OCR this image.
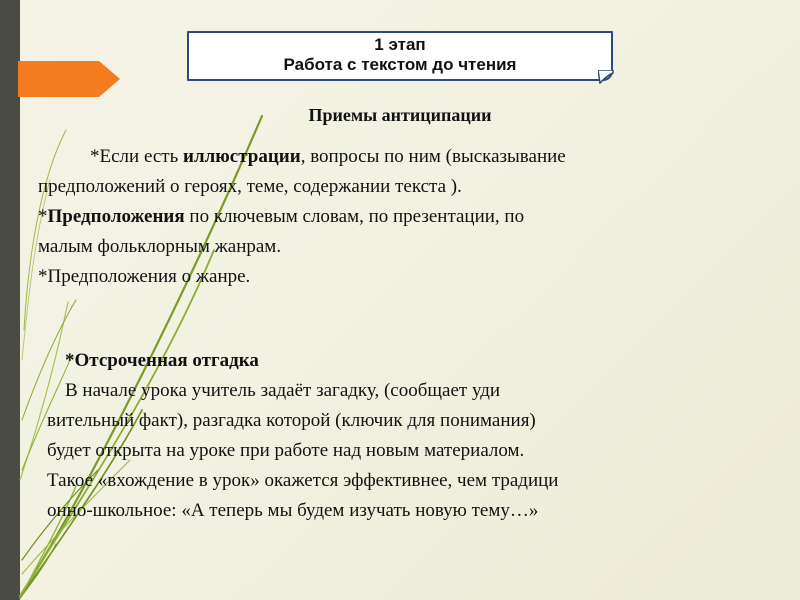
1 этап
Работа с текстом до чтения
Приемы антиципации

*Если есть иллюстрации, вопросы по ним (высказывание

предположений о героях, теме, содержании текста ).

*Предположения по ключевым словам, по презентации, по

малым фольклорным жанрам.

*Предположения о жанре.

*Отсроченная отгадка

В начале урока учитель задаёт загадку, (сообщает уди

вительный факт), разгадка которой (ключик для понимания)

будет открыта на уроке при работе над новым материалом.

Такое «вхождение в урок» окажется эффективнее, чем традици

онно-школьное: «А теперь мы будем изучать новую тему…»
